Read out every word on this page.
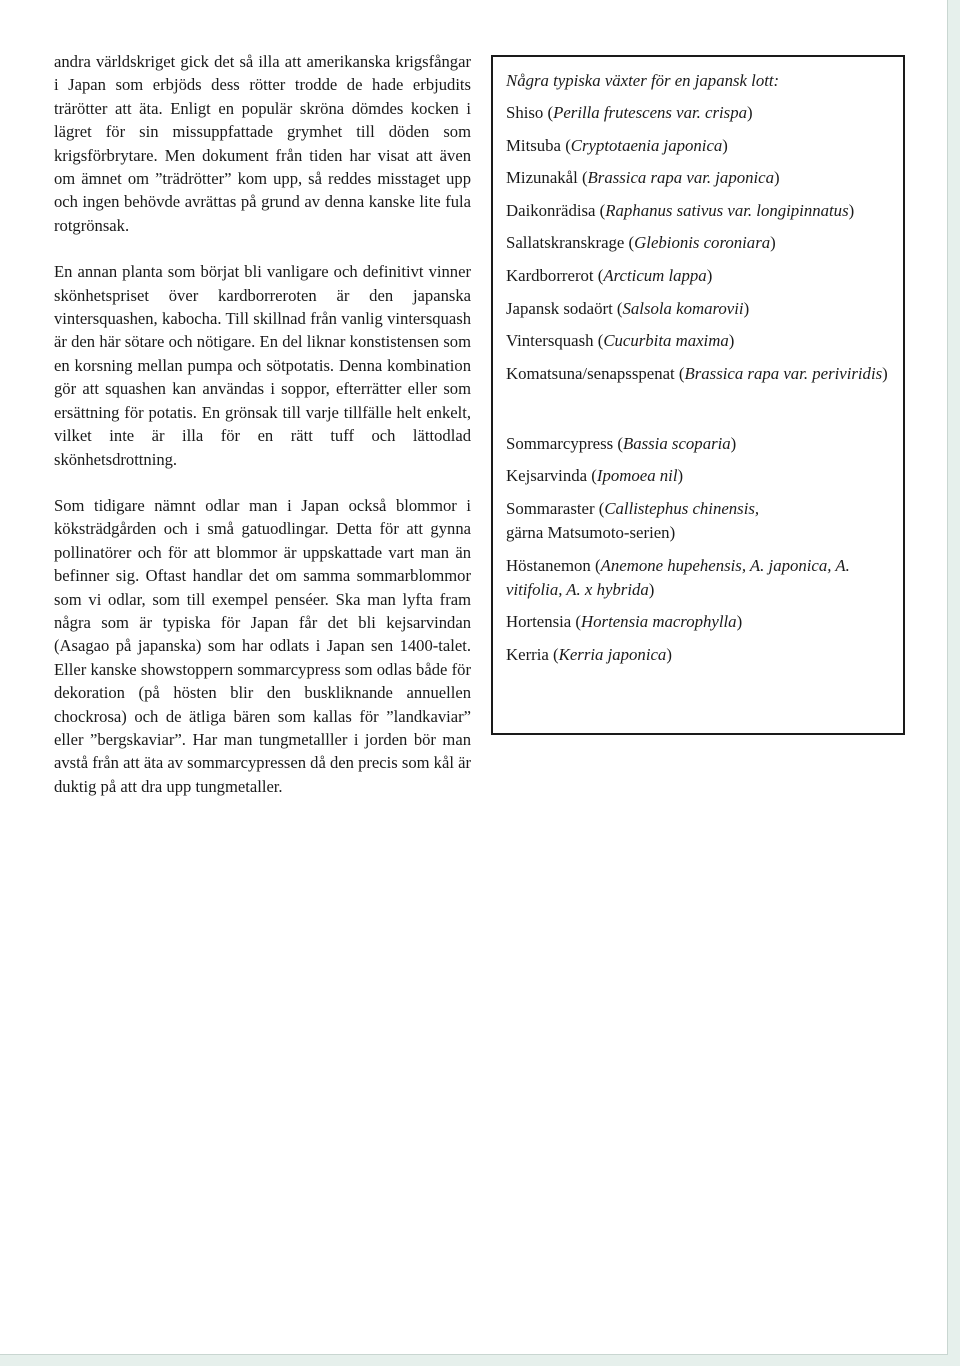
andra världskriget gick det så illa att amerikanska krigsfångar i Japan som erbjöds dess rötter trodde de hade erbjudits trärötter att äta. Enligt en populär skröna dömdes kocken i lägret för sin missuppfattade grymhet till döden som krigsförbrytare. Men dokument från tiden har visat att även om ämnet om ”trädrötter” kom upp, så reddes misstaget upp och ingen behövde avrättas på grund av denna kanske lite fula rotgrönsak.

En annan planta som börjat bli vanligare och definitivt vinner skönhetspriset över kardborreroten är den japanska vintersquashen, kabocha. Till skillnad från vanlig vintersquash är den här sötare och nötigare. En del liknar konstistensen som en korsning mellan pumpa och sötpotatis. Denna kombination gör att squashen kan användas i soppor, efterrätter eller som ersättning för potatis. En grönsak till varje tillfälle helt enkelt, vilket inte är illa för en rätt tuff och lättodlad skönhetsdrottning.

Som tidigare nämnt odlar man i Japan också blommor i köksträdgården och i små gatuodlingar. Detta för att gynna pollinatörer och för att blommor är uppskattade vart man än befinner sig. Oftast handlar det om samma sommarblommor som vi odlar, som till exempel penséer. Ska man lyfta fram några som är typiska för Japan får det bli kejsarvindan (Asagao på japanska) som har odlats i Japan sen 1400-talet. Eller kanske showstoppern sommarcypress som odlas både för dekoration (på hösten blir den buskliknande annuellen chockrosa) och de ätliga bären som kallas för ”landkaviar” eller ”bergskaviar”. Har man tungmetalller i jorden bör man avstå från att äta av sommarcypressen då den precis som kål är duktig på att dra upp tungmetaller.

Några typiska växter för en japansk lott:
Shiso (Perilla frutescens var. crispa)
Mitsuba (Cryptotaenia japonica)
Mizunakål (Brassica rapa var. japonica)
Daikonrädisa (Raphanus sativus var. longipinnatus)
Sallatskranskrage (Glebionis coroniara)
Kardborrerot (Arcticum lappa)
Japansk sodaört (Salsola komarovii)
Vintersquash (Cucurbita maxima)
Komatsuna/senapsspenat (Brassica rapa var. periviridis)
Sommarcypress (Bassia scoparia)
Kejsarvinda (Ipomoea nil)
Sommaraster (Callistephus chinensis,
gärna Matsumoto-serien)
Höstanemon (Anemone hupehensis, A. japonica, A. vitifolia, A. x hybrida)
Hortensia (Hortensia macrophylla)
Kerria (Kerria japonica)
